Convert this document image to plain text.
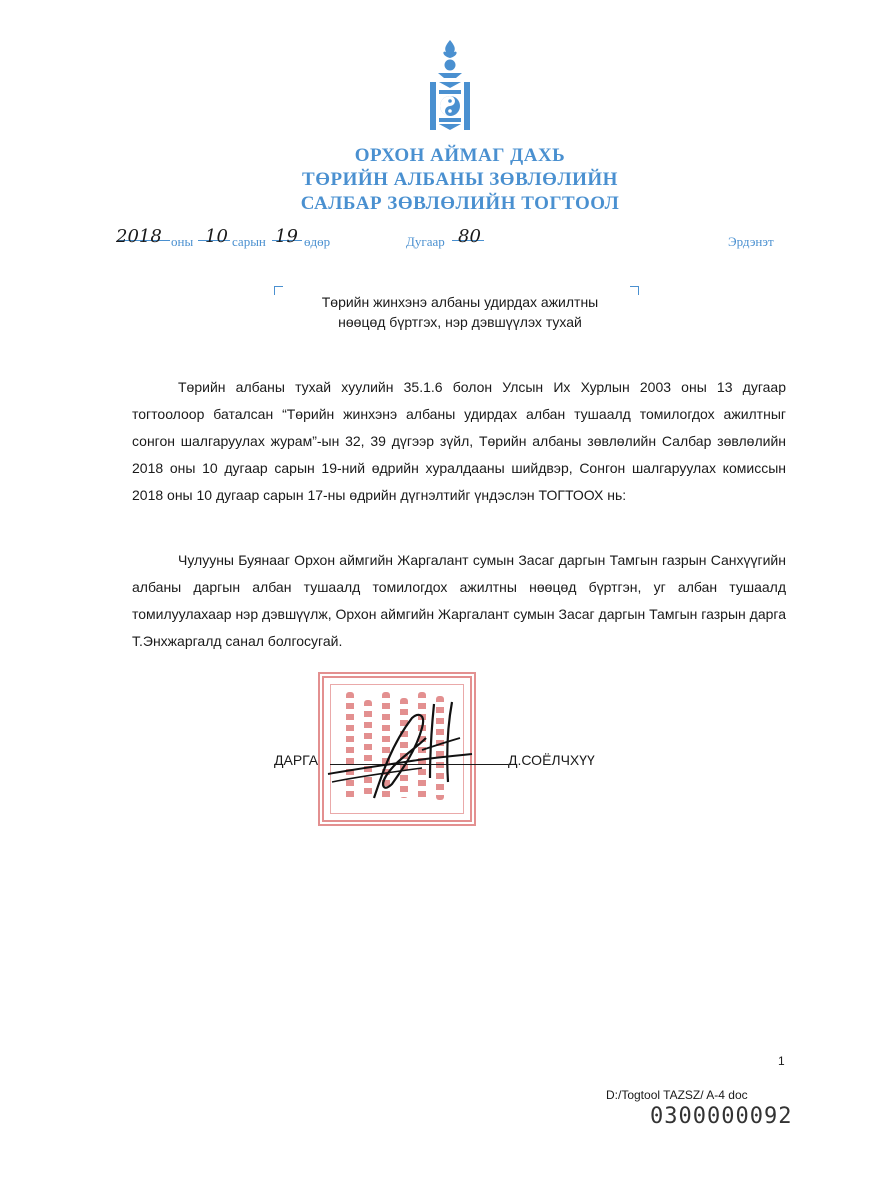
ОРХОН АЙМАГ ДАХЬ
ТӨРИЙН АЛБАНЫ ЗӨВЛӨЛИЙН
САЛБАР ЗӨВЛӨЛИЙН ТОГТООЛ
2018 оны 10 сарын 19 өдөр	Дугаар 80	Эрдэнэт
Төрийн жинхэнэ албаны удирдах ажилтны
нөөцөд бүртгэх, нэр дэвшүүлэх тухай

Төрийн албаны тухай хуулийн 35.1.6 болон Улсын Их Хурлын 2003 оны 13 дугаар тогтоолоор баталсан “Төрийн жинхэнэ албаны удирдах албан тушаалд томилогдох ажилтныг сонгон шалгаруулах журам”-ын 32, 39 дүгээр зүйл, Төрийн албаны зөвлөлийн Салбар зөвлөлийн 2018 оны 10 дугаар сарын 19-ний өдрийн хуралдааны шийдвэр, Сонгон шалгаруулах комиссын 2018 оны 10 дугаар сарын 17-ны өдрийн дүгнэлтийг үндэслэн ТОГТООХ нь:

Чулууны Буянааг Орхон аймгийн Жаргалант сумын Засаг даргын Тамгын газрын Санхүүгийн албаны даргын албан тушаалд томилогдох ажилтны нөөцөд бүртгэн, уг албан тушаалд томилуулахаар нэр дэвшүүлж, Орхон аймгийн Жаргалант сумын Засаг даргын Тамгын газрын дарга Т.Энхжаргалд санал болгосугай.

ДАРГА	Д.СОЁЛЧХҮҮ
1
D:/Togtool TAZSZ/ A-4 doc
0300000092
